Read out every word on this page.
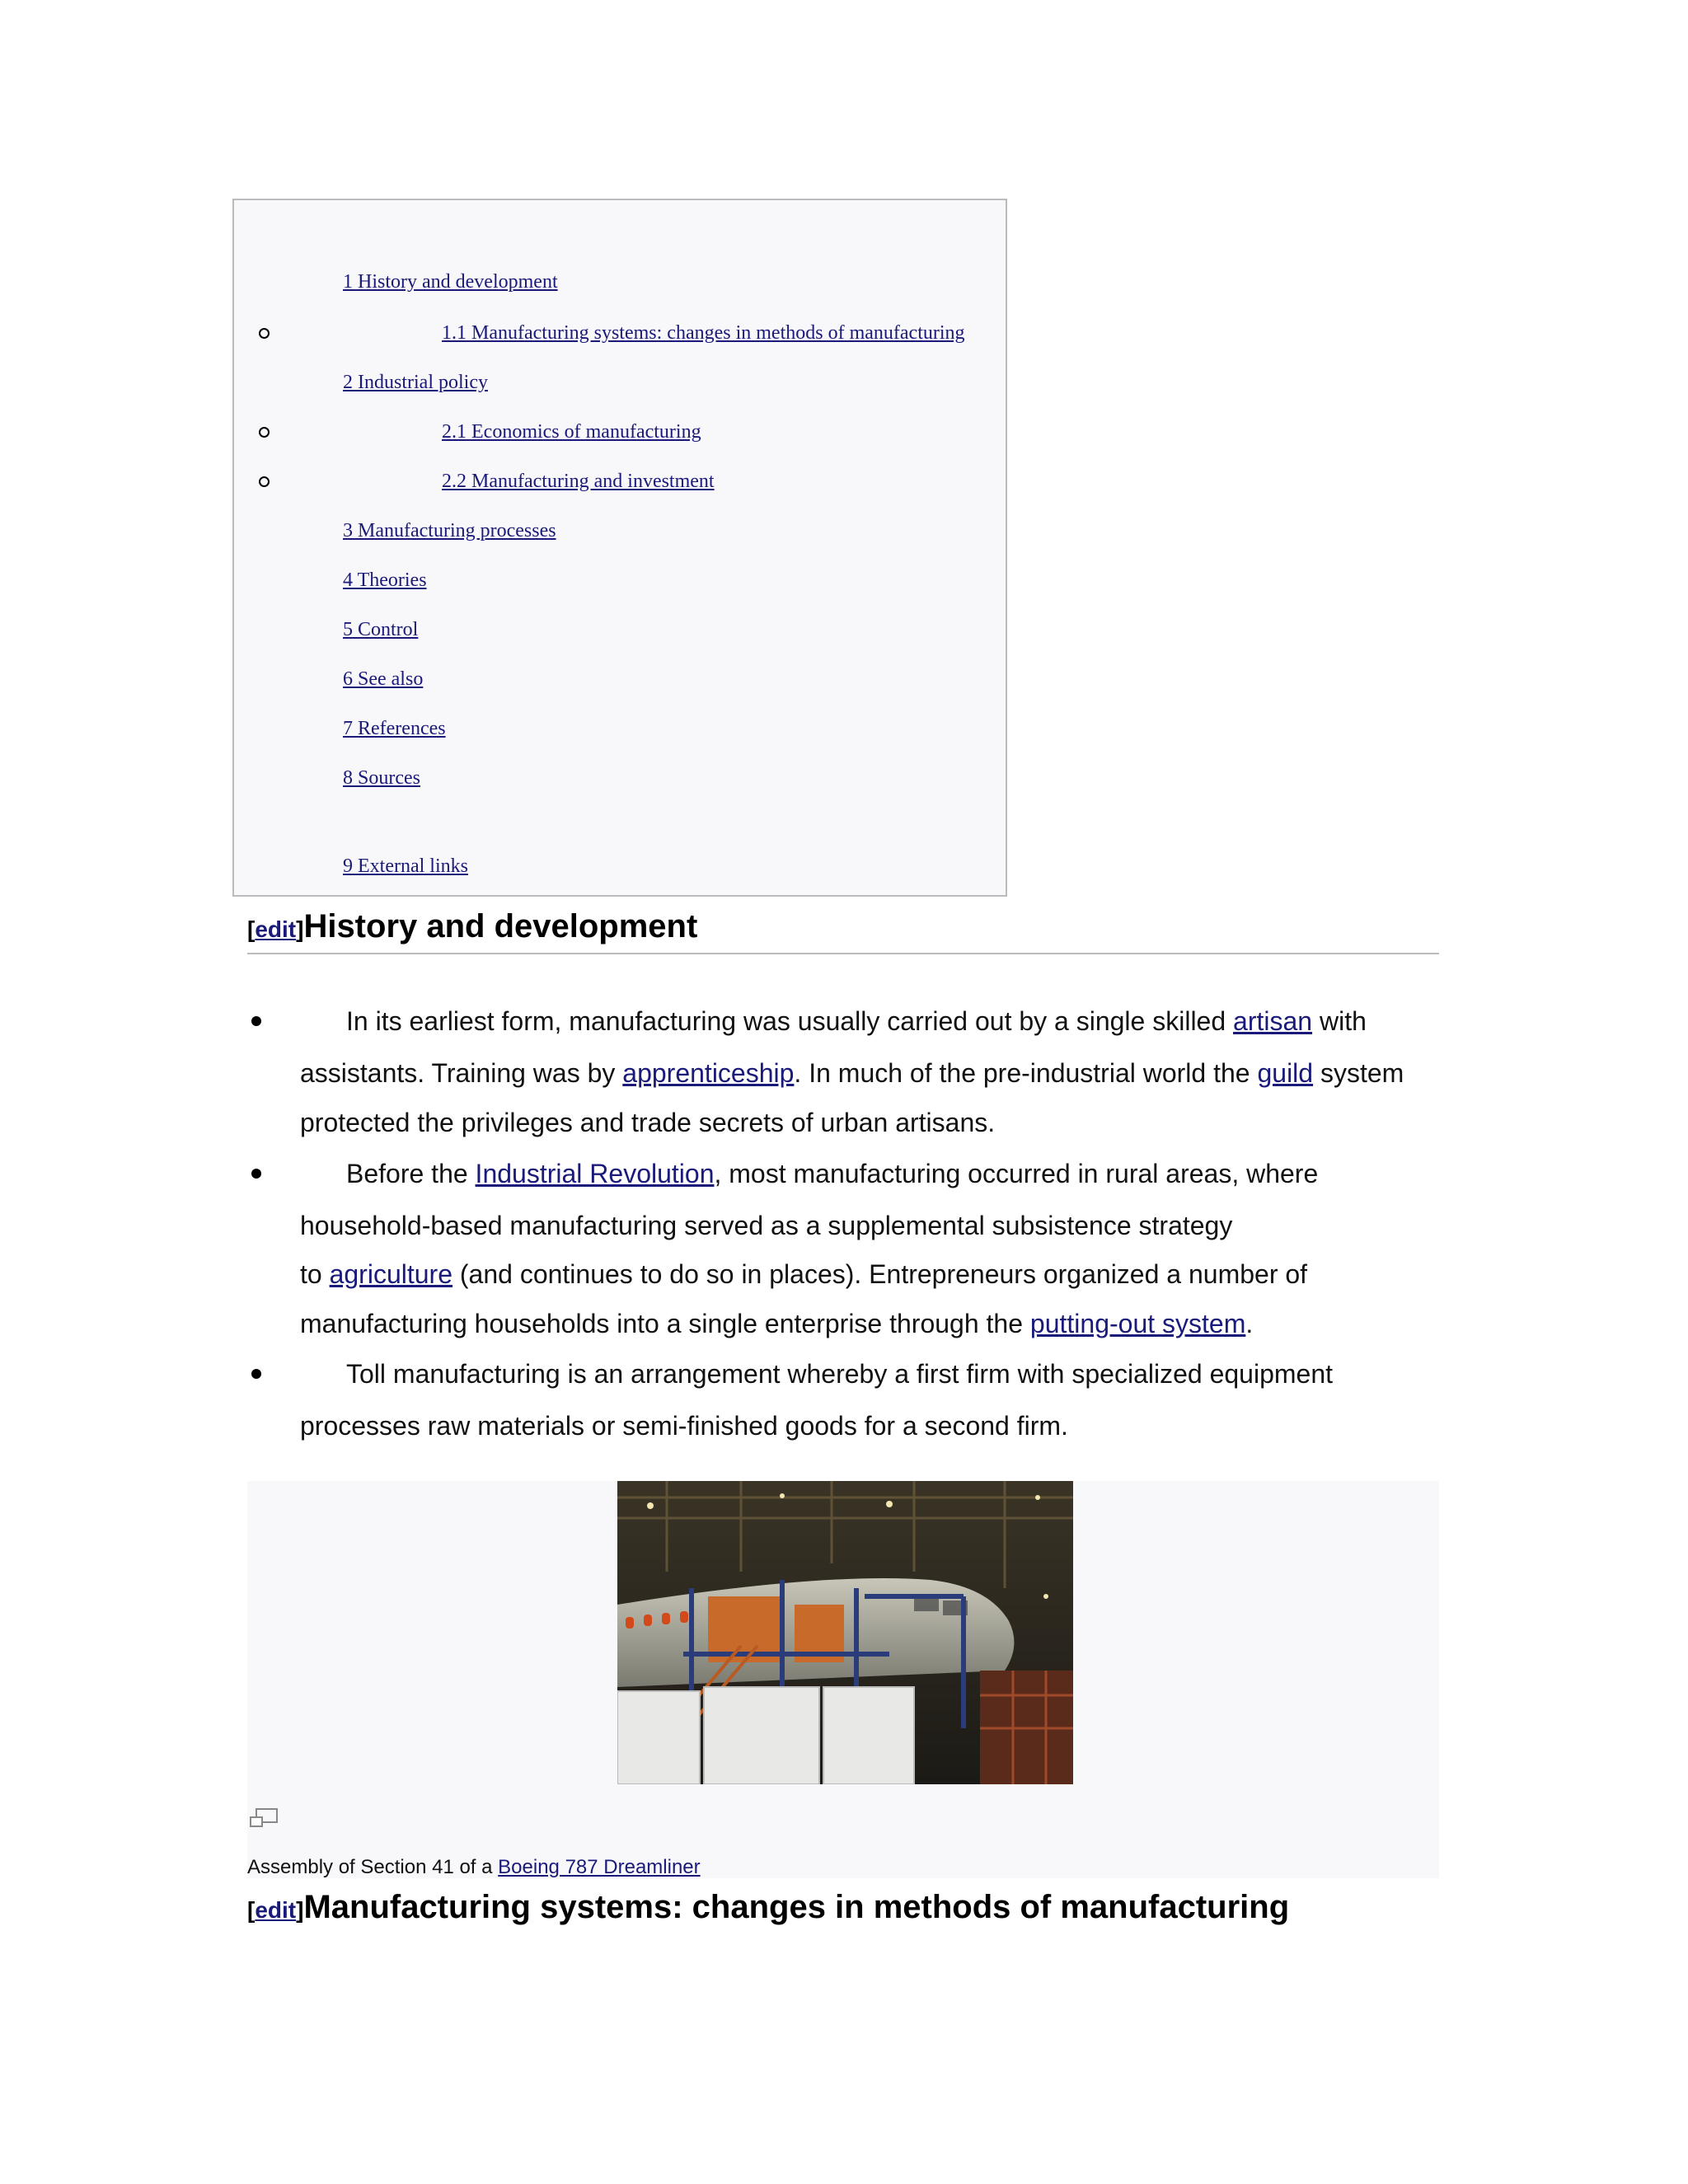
1 History and development
1.1 Manufacturing systems: changes in methods of manufacturing
2 Industrial policy
2.1 Economics of manufacturing
2.2 Manufacturing and investment
3 Manufacturing processes
4 Theories
5 Control
6 See also
7 References
8 Sources
9 External links
[edit]History and development
In its earliest form, manufacturing was usually carried out by a single skilled artisan with
assistants. Training was by apprenticeship. In much of the pre-industrial world the guild system
protected the privileges and trade secrets of urban artisans.
Before the Industrial Revolution, most manufacturing occurred in rural areas, where
household-based manufacturing served as a supplemental subsistence strategy
to agriculture (and continues to do so in places). Entrepreneurs organized a number of
manufacturing households into a single enterprise through the putting-out system.
Toll manufacturing is an arrangement whereby a first firm with specialized equipment
processes raw materials or semi-finished goods for a second firm.
Assembly of Section 41 of a Boeing 787 Dreamliner
[edit]Manufacturing systems: changes in methods of manufacturing
